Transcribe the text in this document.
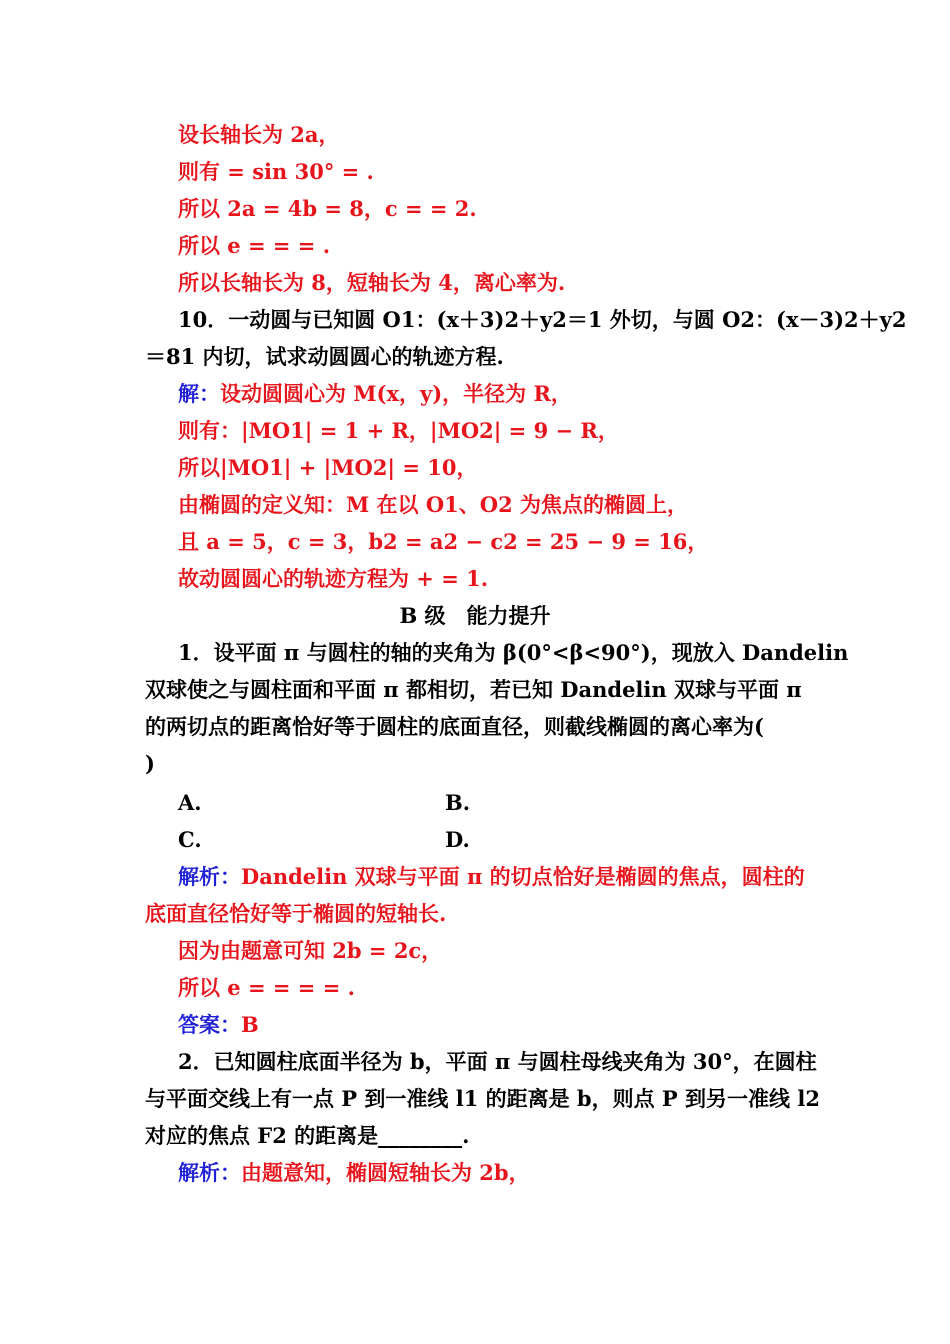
设长轴长为 2a，
则有 = sin 30° = .
所以 2a = 4b = 8，c = = 2.
所以 e = = = .
所以长轴长为 8，短轴长为 4，离心率为.
10．一动圆与已知圆 O1：(x＋3)2＋y2＝1 外切，与圆 O2：(x－3)2＋y2
＝81 内切，试求动圆圆心的轨迹方程.
解：设动圆圆心为 M(x，y)，半径为 R，
则有：|MO1| = 1 + R，|MO2| = 9 − R，
所以|MO1| + |MO2| = 10，
由椭圆的定义知：M 在以 O1、O2 为焦点的椭圆上，
且 a = 5，c = 3，b2 = a2 − c2 = 25 − 9 = 16，
故动圆圆心的轨迹方程为 + = 1.
B 级　能力提升
1．设平面 π 与圆柱的轴的夹角为 β(0°<β<90°)，现放入 Dandelin
双球使之与圆柱面和平面 π 都相切，若已知 Dandelin 双球与平面 π
的两切点的距离恰好等于圆柱的底面直径，则截线椭圆的离心率为(
)
A.	B.
C.	D.
解析：Dandelin 双球与平面 π 的切点恰好是椭圆的焦点，圆柱的
底面直径恰好等于椭圆的短轴长.
因为由题意可知 2b = 2c，
所以 e = = = = .
答案：B
2．已知圆柱底面半径为 b，平面 π 与圆柱母线夹角为 30°，在圆柱
与平面交线上有一点 P 到一准线 l1 的距离是 b，则点 P 到另一准线 l2
对应的焦点 F2 的距离是________.
解析：由题意知，椭圆短轴长为 2b，
